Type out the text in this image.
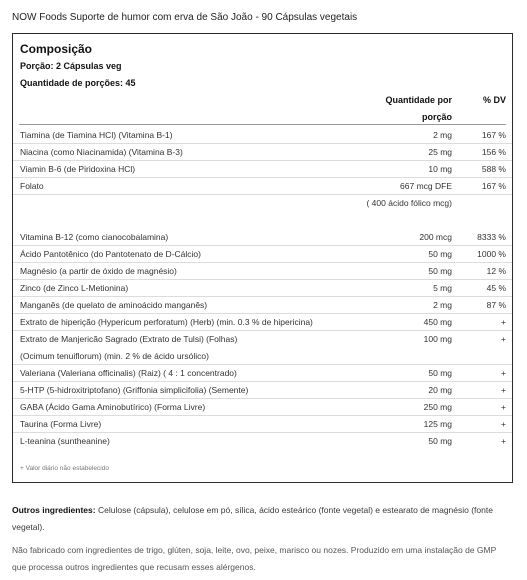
NOW Foods Suporte de humor com erva de São João - 90 Cápsulas vegetais
Composição
Porção: 2 Cápsulas veg
Quantidade de porções: 45
Quantidade por
porção
% DV
Tiamina (de Tiamina HCl) (Vitamina B-1)	2 mg	167 %
Niacina (como Niacinamida) (Vitamina B-3)	25 mg	156 %
Viamin B-6 (de Piridoxina HCl)	10 mg	588 %
Folato	667 mcg DFE	167 %
( 400 ácido fólico mcg)
Vitamina B-12 (como cianocobalamina)	200 mcg	8333 %
Ácido Pantotênico (do Pantotenato de D-Cálcio)	50 mg	1000 %
Magnésio (a partir de óxido de magnésio)	50 mg	12 %
Zinco (de Zinco L-Metionina)	5 mg	45 %
Manganês (de quelato de aminoácido manganês)	2 mg	87 %
Extrato de hiperição (Hypericum perforatum) (Herb) (min. 0.3 % de hipericina)	450 mg	+
Extrato de Manjericão Sagrado (Extrato de Tulsi) (Folhas)	100 mg	+
(Ocimum tenuiflorum) (min. 2 % de ácido ursólico)
Valeriana (Valeriana officinalis) (Raiz) ( 4 : 1 concentrado)	50 mg	+
5-HTP (5-hidroxitriptofano) (Griffonia simplicifolia) (Semente)	20 mg	+
GABA (Ácido Gama Aminobutírico) (Forma Livre)	250 mg	+
Taurina (Forma Livre)	125 mg	+
L-teanina (suntheanine)	50 mg	+
+ Valor diário não estabelecido
Outros ingredientes: Celulose (cápsula), celulose em pó, sílica, ácido esteárico (fonte vegetal) e estearato de magnésio (fonte vegetal).
Não fabricado com ingredientes de trigo, glúten, soja, leite, ovo, peixe, marisco ou nozes. Produzido em uma instalação de GMP que processa outros ingredientes que recusam esses alérgenos.
